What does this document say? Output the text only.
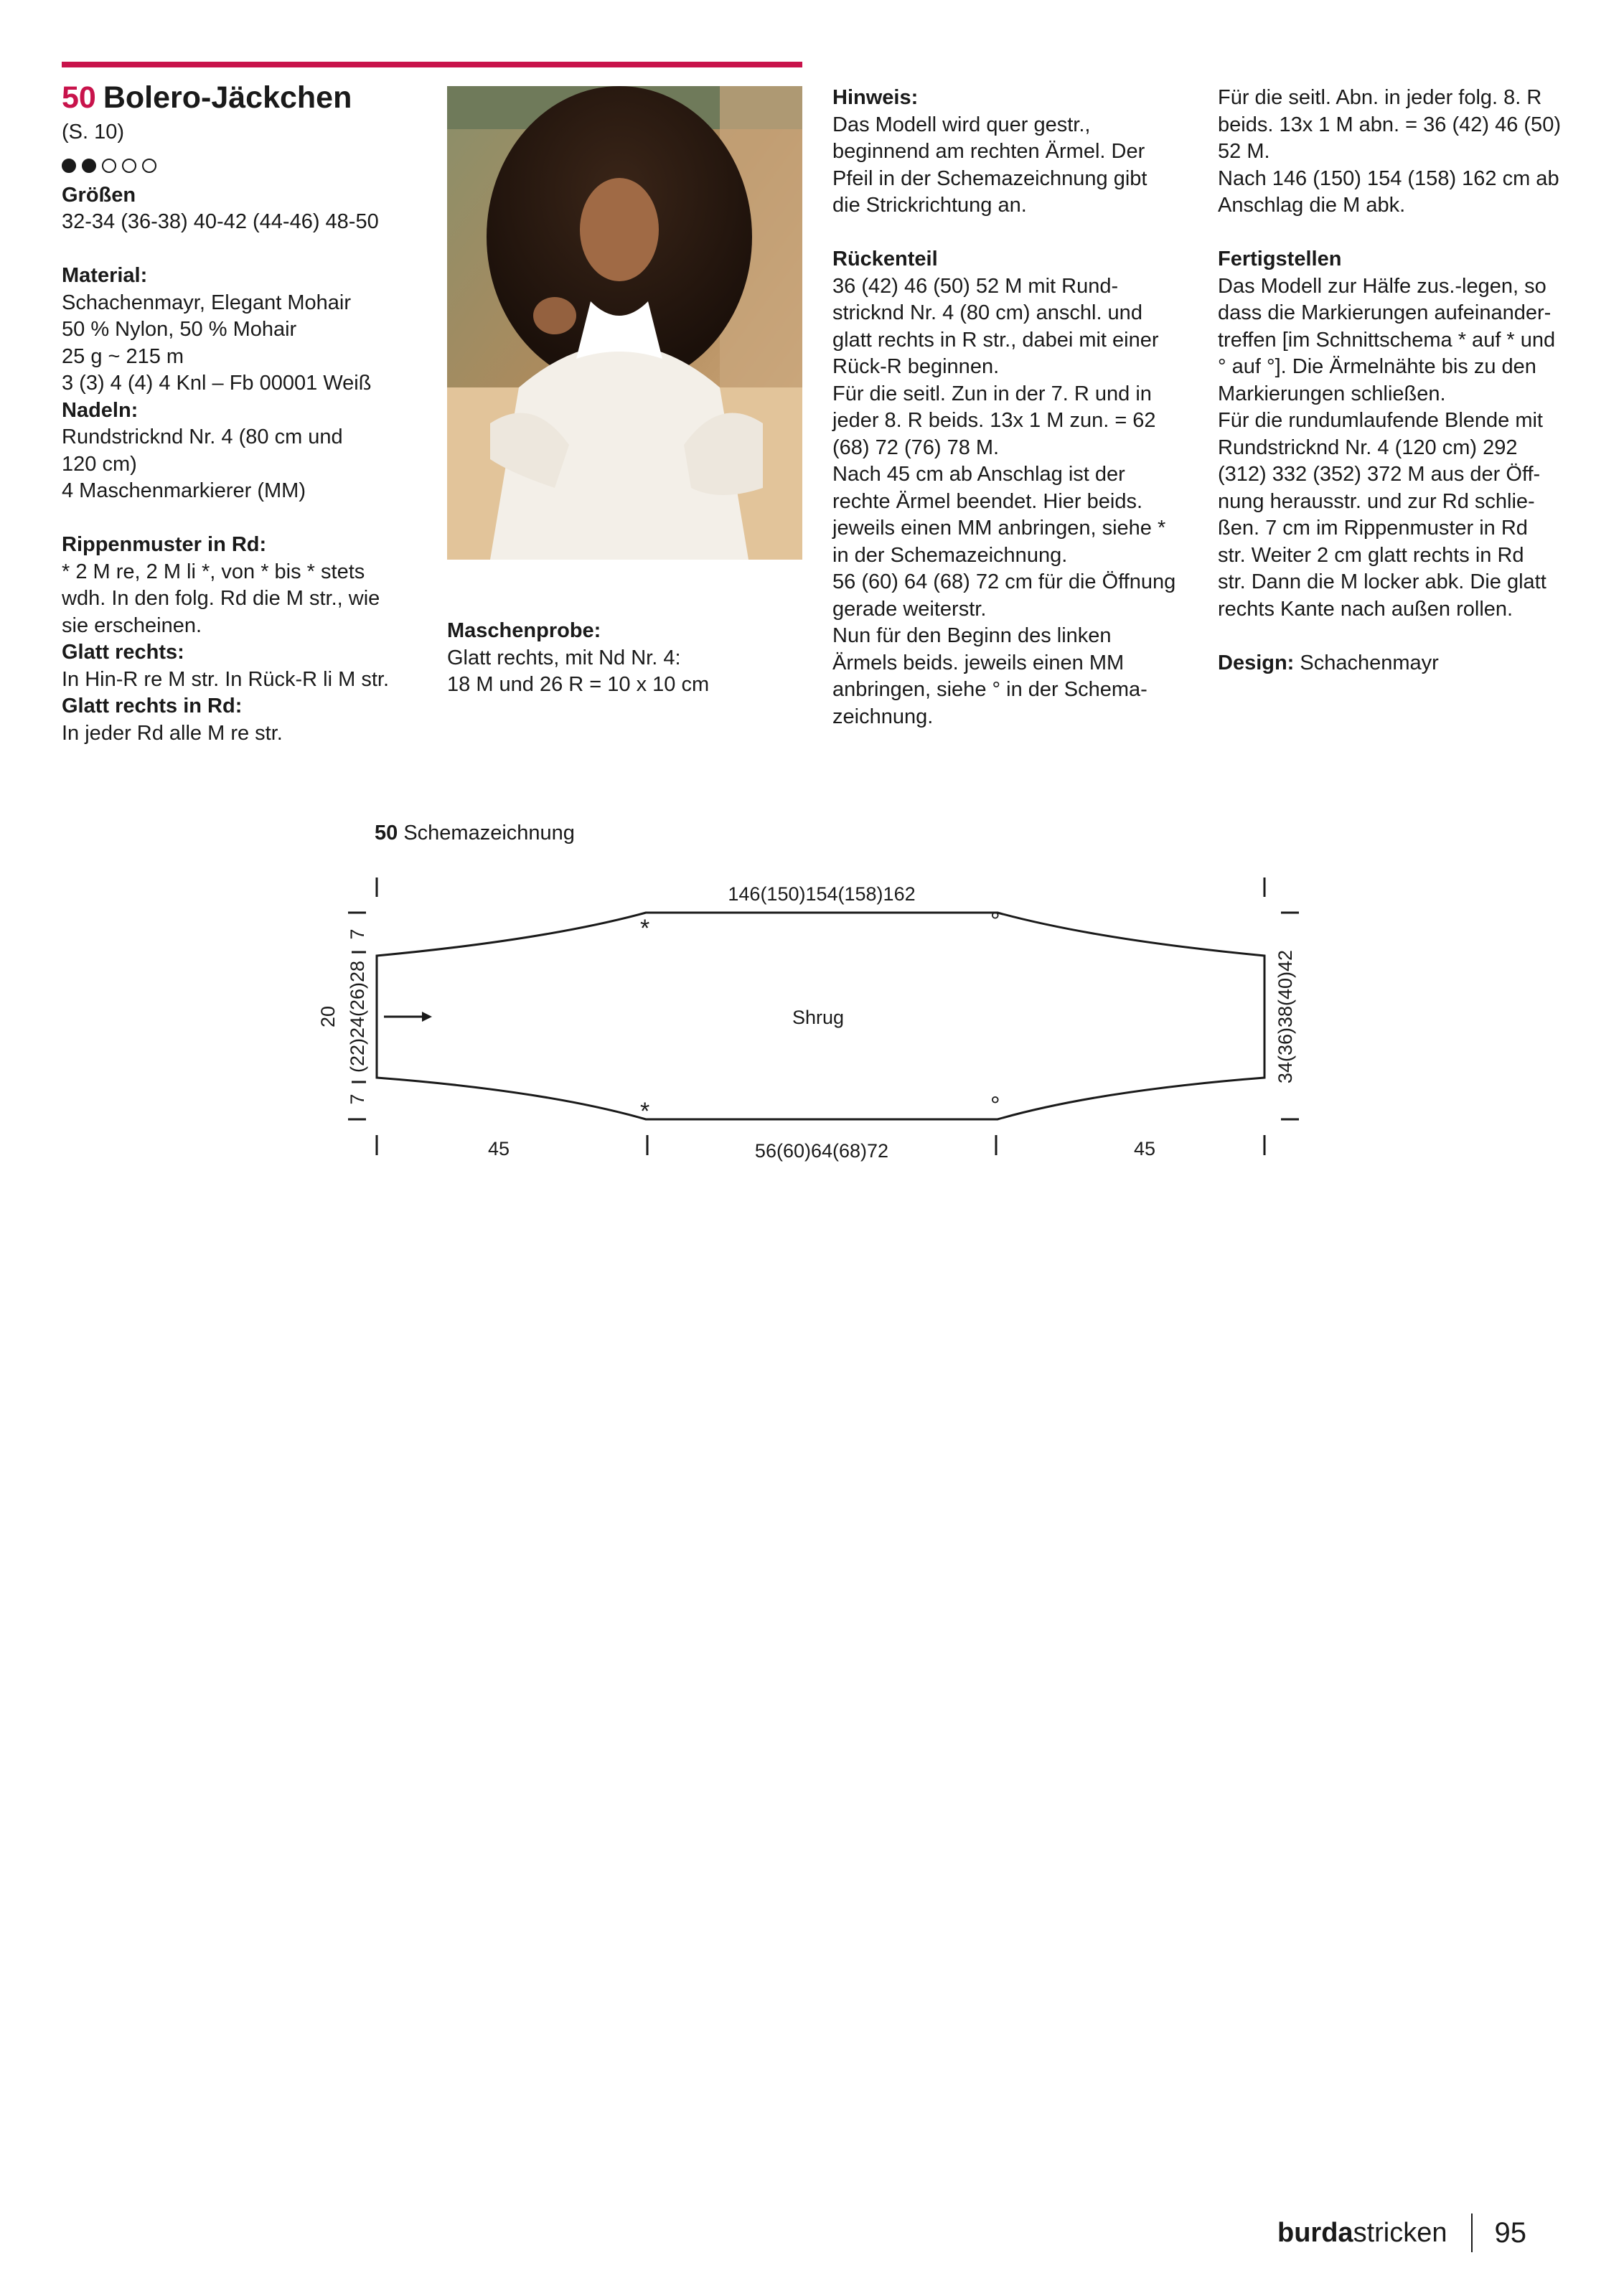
50 Bolero-Jäckchen

(S. 10)

Größen

32-34 (36-38) 40-42 (44-46) 48-50

Material:

Schachenmayr, Elegant Mohair

50 % Nylon, 50 % Mohair

25 g ~ 215 m

3 (3) 4 (4) 4 Knl – Fb 00001 Weiß

Nadeln:

Rundstricknd Nr. 4 (80 cm und

120 cm)

4 Maschenmarkierer (MM)

Rippenmuster in Rd:

* 2 M re, 2 M li *, von * bis * stets

wdh. In den folg. Rd die M str., wie

sie erscheinen.

Glatt rechts:

In Hin-R re M str. In Rück-R li M str.

Glatt rechts in Rd:

In jeder Rd alle M re str.

Maschenprobe:

Glatt rechts, mit Nd Nr. 4:

18 M und 26 R = 10 x 10 cm

Hinweis:

Das Modell wird quer gestr.,

beginnend am rechten Ärmel. Der

Pfeil in der Schemazeichnung gibt

die Strickrichtung an.

Rückenteil

36 (42) 46 (50) 52 M mit Rund-

stricknd Nr. 4 (80 cm) anschl. und

glatt rechts in R str., dabei mit einer

Rück-R beginnen.

Für die seitl. Zun in der 7. R und in

jeder 8. R beids. 13x 1 M zun. = 62

(68) 72 (76) 78 M.

Nach 45 cm ab Anschlag ist der

rechte Ärmel beendet. Hier beids.

jeweils einen MM anbringen, siehe *

in der Schemazeichnung.

56 (60) 64 (68) 72 cm für die Öffnung

gerade weiterstr.

Nun für den Beginn des linken

Ärmels beids. jeweils einen MM

anbringen, siehe ° in der Schema-

zeichnung.

Für die seitl. Abn. in jeder folg. 8. R

beids. 13x 1 M abn. = 36 (42) 46 (50)

52 M.

Nach 146 (150) 154 (158) 162 cm ab

Anschlag die M abk.

Fertigstellen

Das Modell zur Hälfe zus.-legen, so

dass die Markierungen aufeinander-

treffen [im Schnittschema * auf * und

° auf °]. Die Ärmelnähte bis zu den

Markierungen schließen.

Für die rundumlaufende Blende mit

Rundstricknd Nr. 4 (120 cm) 292

(312) 332 (352) 372 M aus der Öff-

nung herausstr. und zur Rd schlie-

ßen. 7 cm im Rippenmuster in Rd

str. Weiter 2 cm glatt rechts in Rd

str. Dann die M locker abk. Die glatt

rechts Kante nach außen rollen.

Design: Schachenmayr

50 Schemazeichnung
*
*
°
°
146(150)154(158)162
Shrug
45	56(60)64(68)72	45
(22)24(26)28
7
7
20	34(36)38(40)42
burda stricken 95
